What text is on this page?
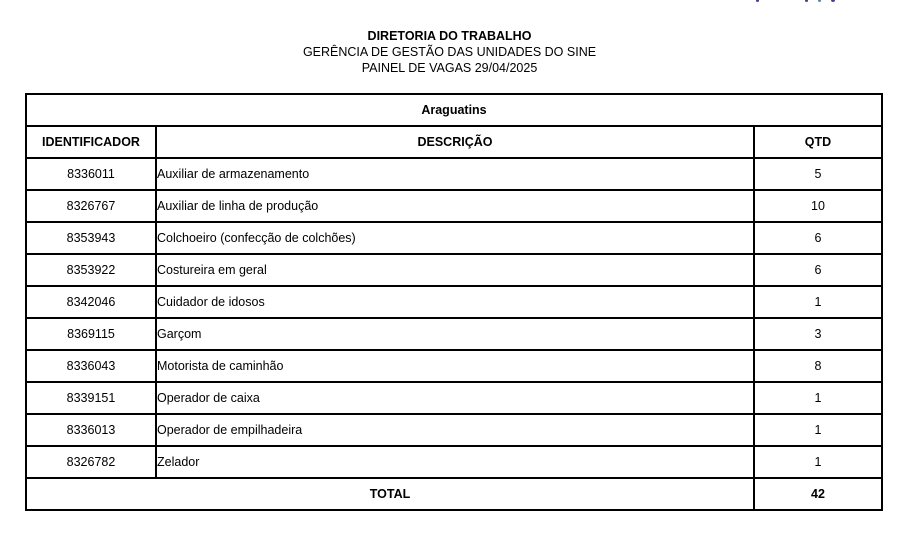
DIRETORIA DO TRABALHO
GERÊNCIA DE GESTÃO DAS UNIDADES DO SINE
PAINEL DE VAGAS 29/04/2025
Araguatins		
IDENTIFICADOR	DESCRIÇÃO	QTD
8336011	Auxiliar de armazenamento	5
8326767	Auxiliar de linha de produção	10
8353943	Colchoeiro (confecção de colchões)	6
8353922	Costureira em geral	6
8342046	Cuidador de idosos	1
8369115	Garçom	3
8336043	Motorista de caminhão	8
8339151	Operador de caixa	1
8336013	Operador de empilhadeira	1
8326782	Zelador	1
TOTAL		42
